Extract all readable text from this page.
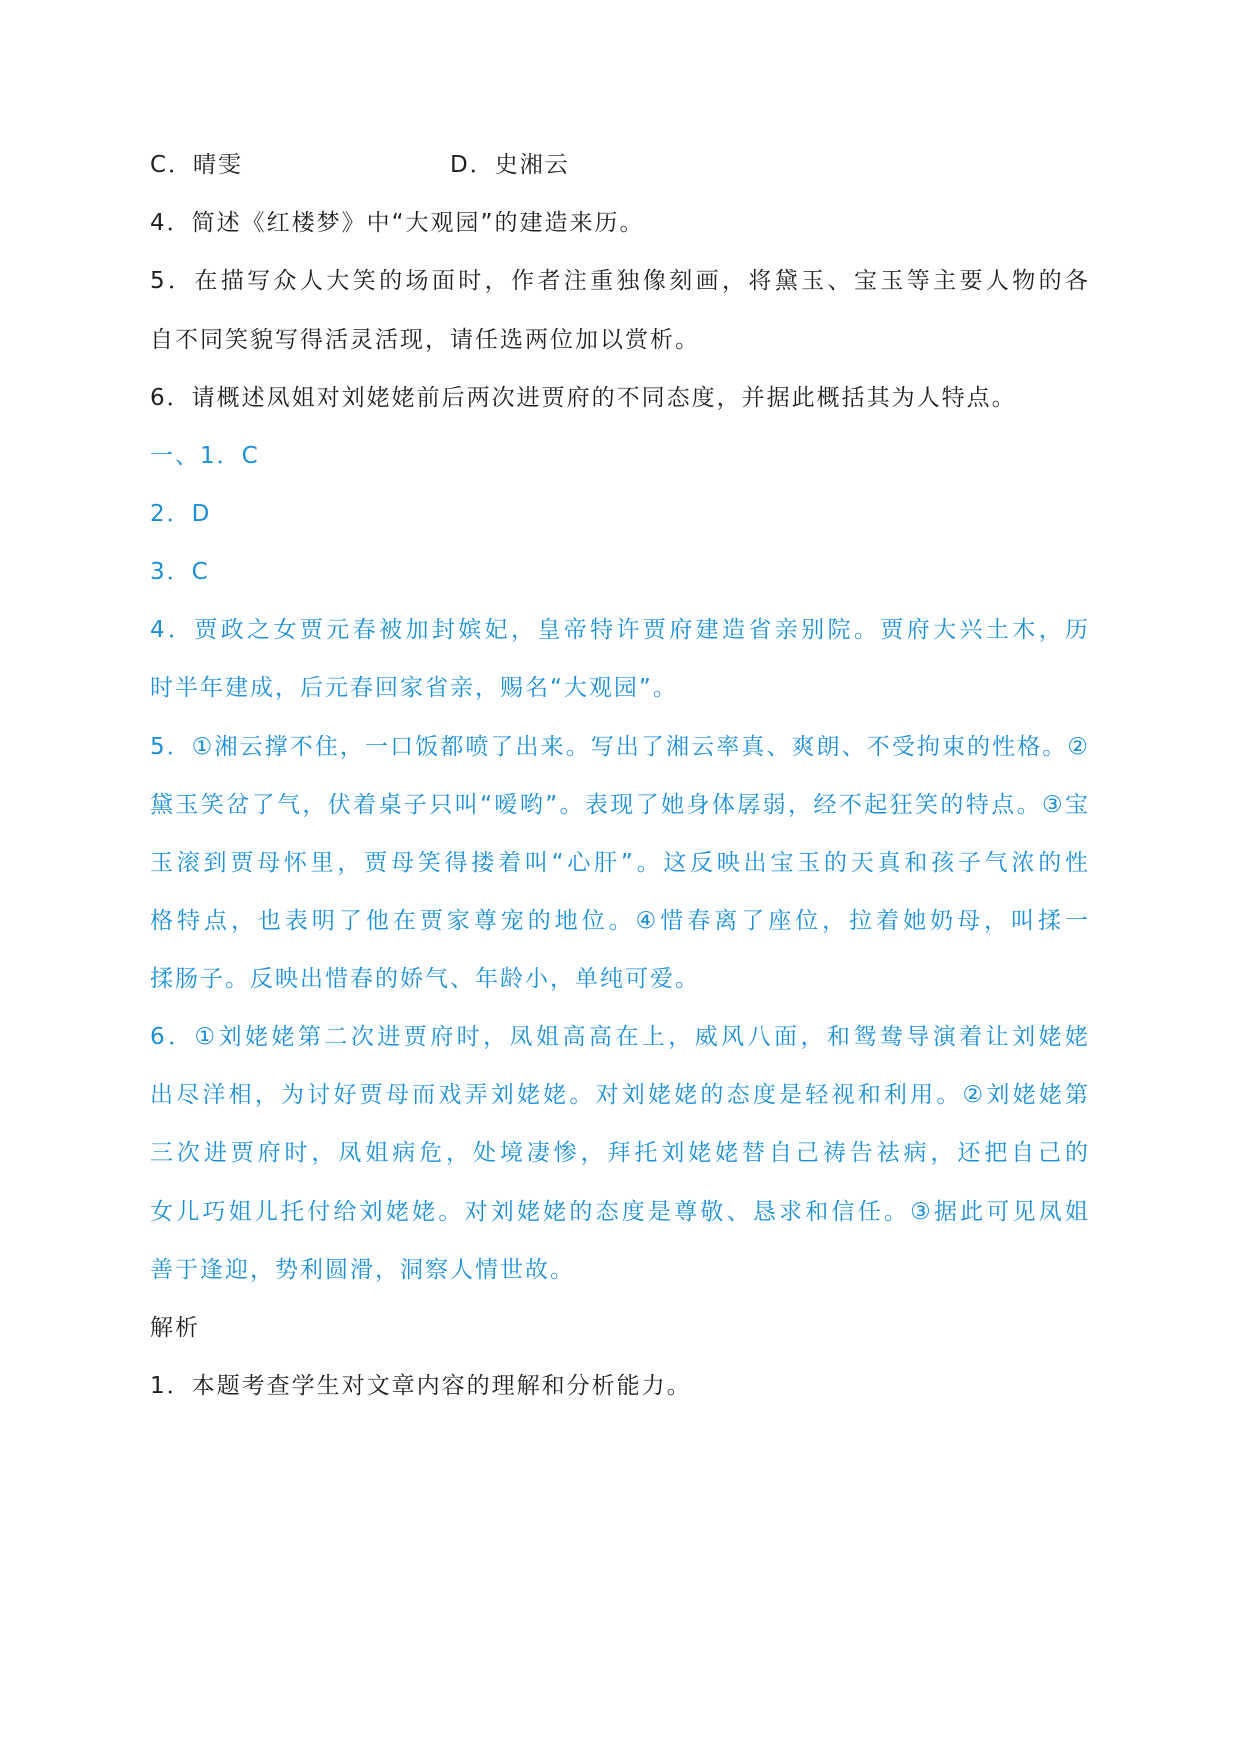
C．晴雯	D．史湘云
4．简述《红楼梦》中“大观园”的建造来历。
5．在描写众人大笑的场面时，作者注重独像刻画，将黛玉、宝玉等主要人物的各
自不同笑貌写得活灵活现，请任选两位加以赏析。
6．请概述凤姐对刘姥姥前后两次进贾府的不同态度，并据此概括其为人特点。
一、1．C
2．D
3．C
4．贾政之女贾元春被加封嫔妃，皇帝特许贾府建造省亲别院。贾府大兴土木，历
时半年建成，后元春回家省亲，赐名“大观园”。
5．①湘云撑不住，一口饭都喷了出来。写出了湘云率真、爽朗、不受拘束的性格。②
黛玉笑岔了气，伏着桌子只叫“嗳哟”。表现了她身体孱弱，经不起狂笑的特点。③宝
玉滚到贾母怀里，贾母笑得搂着叫“心肝”。这反映出宝玉的天真和孩子气浓的性
格特点，也表明了他在贾家尊宠的地位。④惜春离了座位，拉着她奶母，叫揉一
揉肠子。反映出惜春的娇气、年龄小，单纯可爱。
6．①刘姥姥第二次进贾府时，凤姐高高在上，威风八面，和鸳鸯导演着让刘姥姥
出尽洋相，为讨好贾母而戏弄刘姥姥。对刘姥姥的态度是轻视和利用。②刘姥姥第
三次进贾府时，凤姐病危，处境凄惨，拜托刘姥姥替自己祷告祛病，还把自己的
女儿巧姐儿托付给刘姥姥。对刘姥姥的态度是尊敬、恳求和信任。③据此可见凤姐
善于逢迎，势利圆滑，洞察人情世故。
解析
1．本题考查学生对文章内容的理解和分析能力。
